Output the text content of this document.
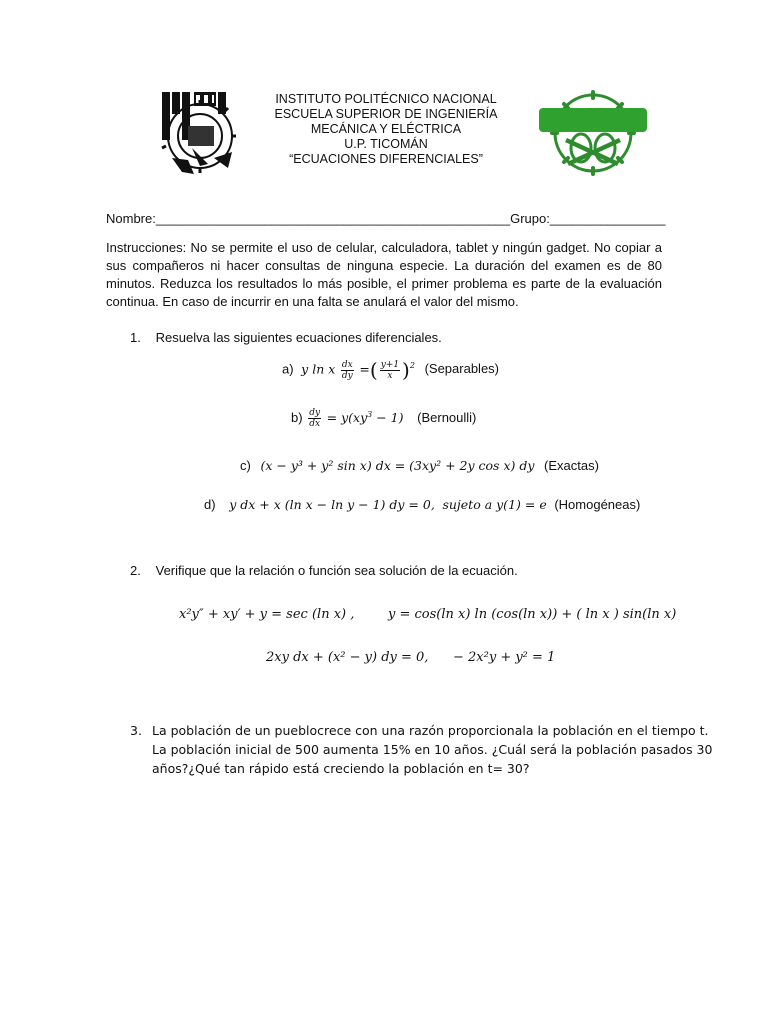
INSTITUTO POLITÉCNICO NACIONAL
ESCUELA SUPERIOR DE INGENIERÍA
MECÁNICA Y ELÉCTRICA
U.P. TICOMÁN
“ECUACIONES DIFERENCIALES”
Nombre:_________________________________________________Grupo:________________
Instrucciones: No se permite el uso de celular, calculadora, tablet y ningún gadget. No copiar a sus compañeros ni hacer consultas de ninguna especie. La duración del examen es de 80 minutos. Reduzca los resultados lo más posible, el primer problema es parte de la evaluación continua. En caso de incurrir en una falta se anulará el valor del mismo.
1. Resuelva las siguientes ecuaciones diferenciales.
a)  y ln x $\frac{dx}{dy}$ =( $\frac{y+1}{x} )^2$ (Separables)
$b) \frac{dy}{dx} = y(xy^3 - 1)$ (Bernoulli)
c) (x − y³ + y² sin x) dx = (3xy² + 2y cos x) dy (Exactas)
d) y dx + x (ln x − ln y − 1) dy = 0, sujeto a y(1) = e (Homogéneas)
2. Verifique que la relación o función sea solución de la ecuación.
x²y″ + xy′ + y = sec (ln x) ,	y = cos(ln x) ln (cos(ln x)) + ( ln x ) sin(ln x)
2xy dx + (x² − y) dy = 0, − 2x²y + y² = 1
3. La población de un pueblocrece con una razón proporcionala la población en el tiempo t.
La población inicial de 500 aumenta 15% en 10 años. ¿Cuál será la población pasados 30
años?¿Qué tan rápido está creciendo la población en t= 30?
